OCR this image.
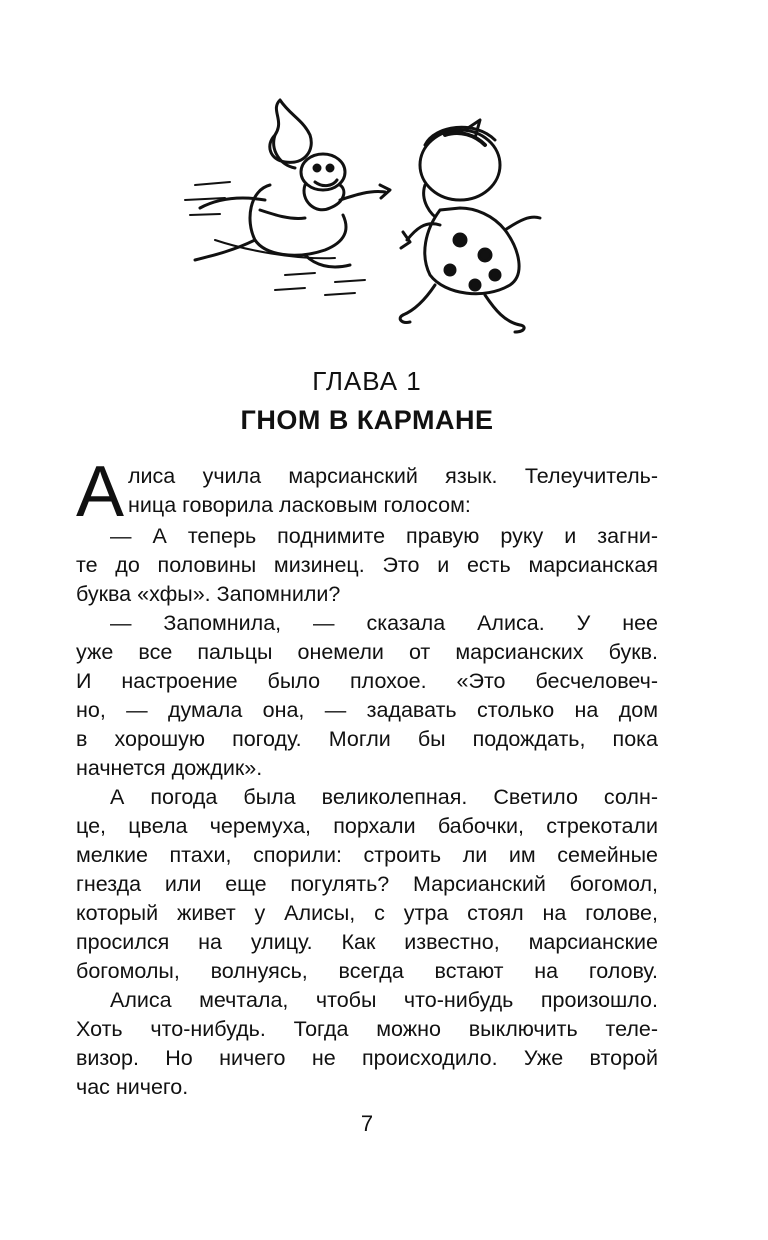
ГЛАВА 1
ГНОМ В КАРМАНЕ
А лиса учила марсианский язык. Телеучитель-
ница говорила ласковым голосом:
— А теперь поднимите правую руку и загни-
те до половины мизинец. Это и есть марсианская
буква «хфы». Запомнили?
— Запомнила, — сказала Алиса. У нее
уже все пальцы онемели от марсианских букв.
И настроение было плохое. «Это бесчеловеч-
но, — думала она, — задавать столько на дом
в хорошую погоду. Могли бы подождать, пока
начнется дождик».
А погода была великолепная. Светило солн-
це, цвела черемуха, порхали бабочки, стрекотали
мелкие птахи, спорили: строить ли им семейные
гнезда или еще погулять? Марсианский богомол,
который живет у Алисы, с утра стоял на голове,
просился на улицу. Как известно, марсианские
богомолы, волнуясь, всегда встают на голову.
Алиса мечтала, чтобы что-нибудь произошло.
Хоть что-нибудь. Тогда можно выключить теле-
визор. Но ничего не происходило. Уже второй
час ничего.
7
